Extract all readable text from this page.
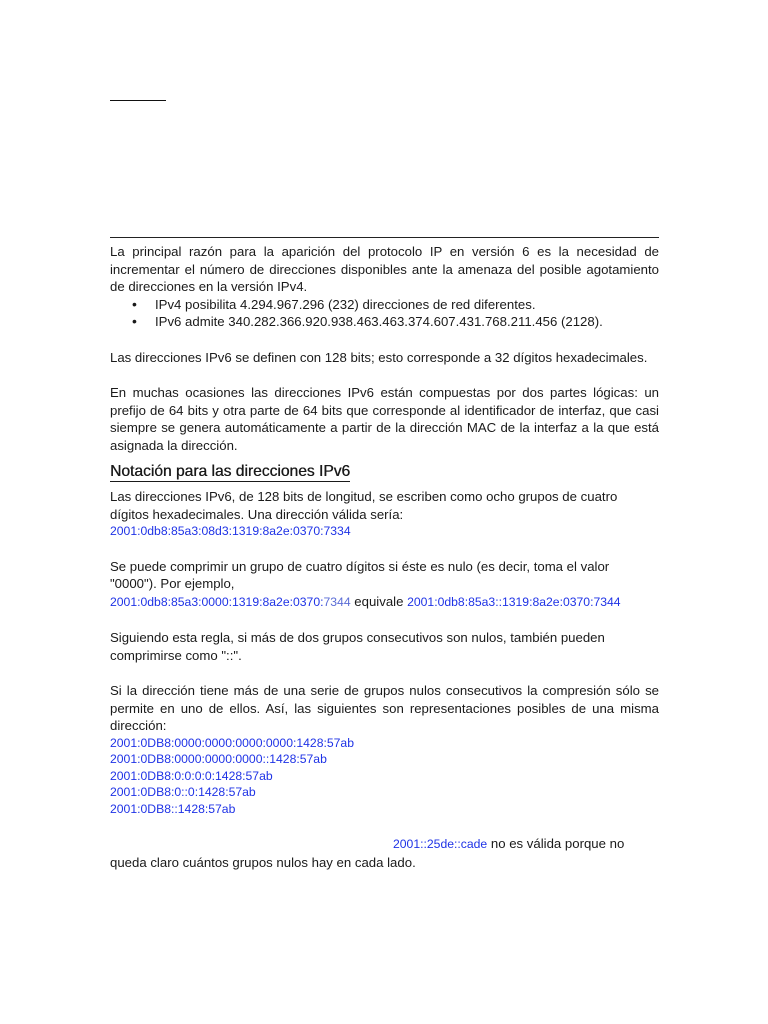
La principal razón para la aparición del protocolo IP en versión 6 es la necesidad de incrementar el número de direcciones disponibles ante la amenaza del posible agotamiento de direcciones en la versión IPv4.

• IPv4 posibilita 4.294.967.296 (232) direcciones de red diferentes.
• IPv6 admite 340.282.366.920.938.463.463.374.607.431.768.211.456 (2128).

Las direcciones IPv6 se definen con 128 bits; esto corresponde a 32 dígitos hexadecimales.

En muchas ocasiones las direcciones IPv6 están compuestas por dos partes lógicas: un prefijo de 64 bits y otra parte de 64 bits que corresponde al identificador de interfaz, que casi siempre se genera automáticamente a partir de la dirección MAC de la interfaz a la que está asignada la dirección.

Notación para las direcciones IPv6

Las direcciones IPv6, de 128 bits de longitud, se escriben como ocho grupos de cuatro dígitos hexadecimales. Una dirección válida sería:

2001:0db8:85a3:08d3:1319:8a2e:0370:7334

Se puede comprimir un grupo de cuatro dígitos si éste es nulo (es decir, toma el valor "0000"). Por ejemplo,

2001:0db8:85a3:0000:1319:8a2e:0370:7344 equivale 2001:0db8:85a3::1319:8a2e:0370:7344

Siguiendo esta regla, si más de dos grupos consecutivos son nulos, también pueden comprimirse como "::".

Si la dirección tiene más de una serie de grupos nulos consecutivos la compresión sólo se permite en uno de ellos. Así, las siguientes son representaciones posibles de una misma dirección:

2001:0DB8:0000:0000:0000:0000:1428:57ab
2001:0DB8:0000:0000:0000::1428:57ab
2001:0DB8:0:0:0:0:1428:57ab
2001:0DB8:0::0:1428:57ab
2001:0DB8::1428:57ab

2001::25de::cade no es válida porque no

queda claro cuántos grupos nulos hay en cada lado.
